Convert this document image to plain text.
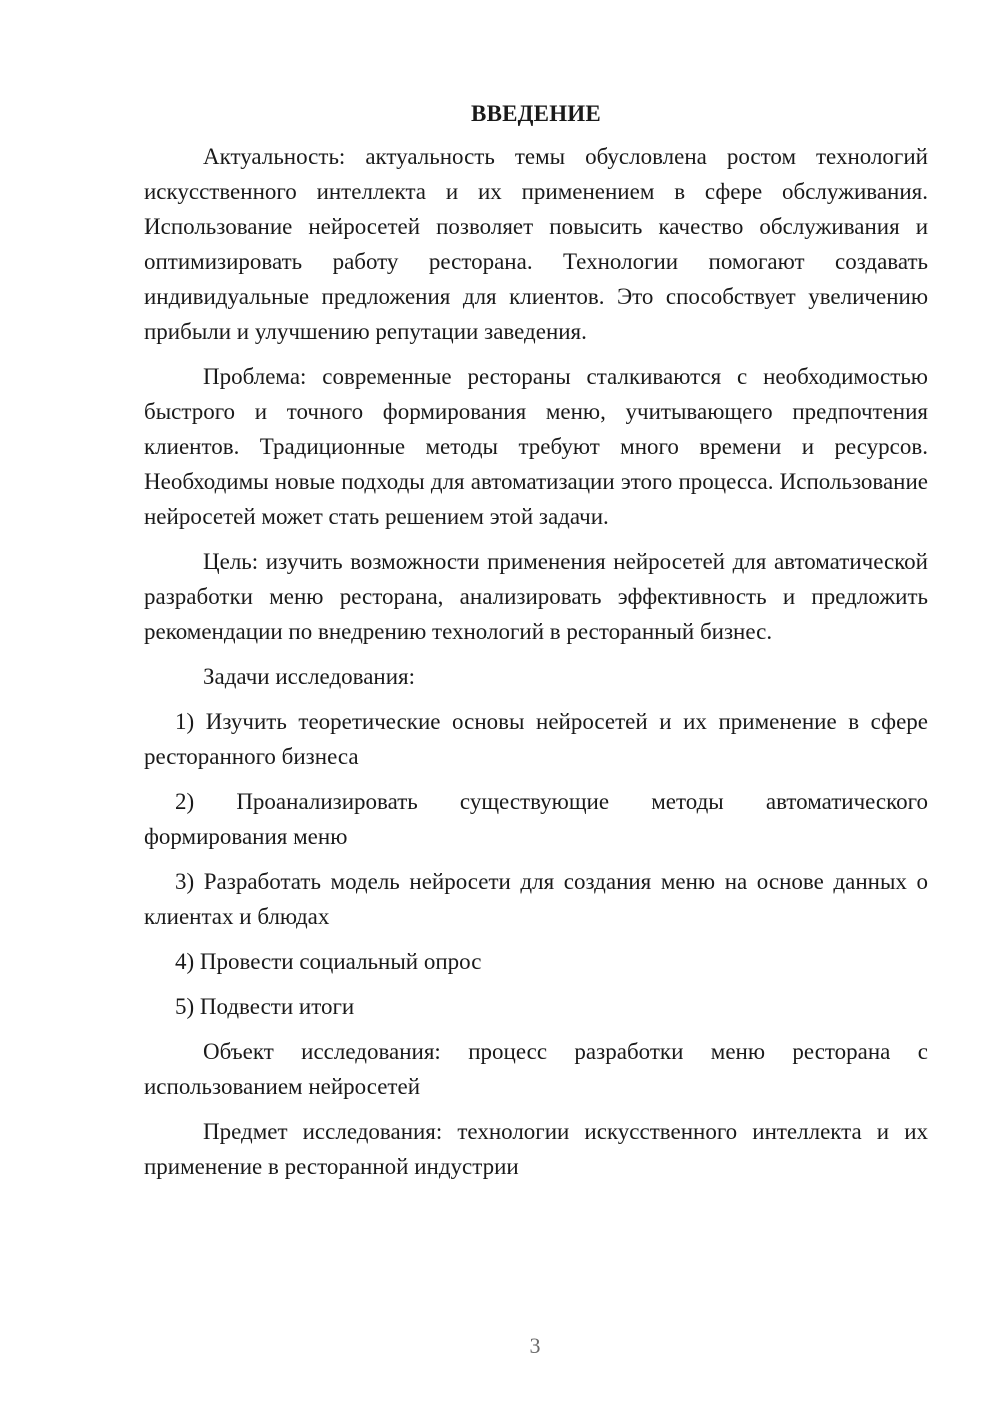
ВВЕДЕНИЕ

Актуальность: актуальность темы обусловлена ростом технологий искусственного интеллекта и их применением в сфере обслуживания. Использование нейросетей позволяет повысить качество обслуживания и оптимизировать работу ресторана. Технологии помогают создавать индивидуальные предложения для клиентов. Это способствует увеличению прибыли и улучшению репутации заведения.

Проблема: современные рестораны сталкиваются с необходимостью быстрого и точного формирования меню, учитывающего предпочтения клиентов. Традиционные методы требуют много времени и ресурсов. Необходимы новые подходы для автоматизации этого процесса. Использование нейросетей может стать решением этой задачи.

Цель: изучить возможности применения нейросетей для автоматической разработки меню ресторана, анализировать эффективность и предложить рекомендации по внедрению технологий в ресторанный бизнес.

Задачи исследования:

1) Изучить теоретические основы нейросетей и их применение в сфере ресторанного бизнеса

2) Проанализировать существующие методы автоматического формирования меню

3) Разработать модель нейросети для создания меню на основе данных о клиентах и блюдах

4) Провести социальный опрос

5) Подвести итоги

Объект исследования: процесс разработки меню ресторана с использованием нейросетей

Предмет исследования: технологии искусственного интеллекта и их применение в ресторанной индустрии

3
